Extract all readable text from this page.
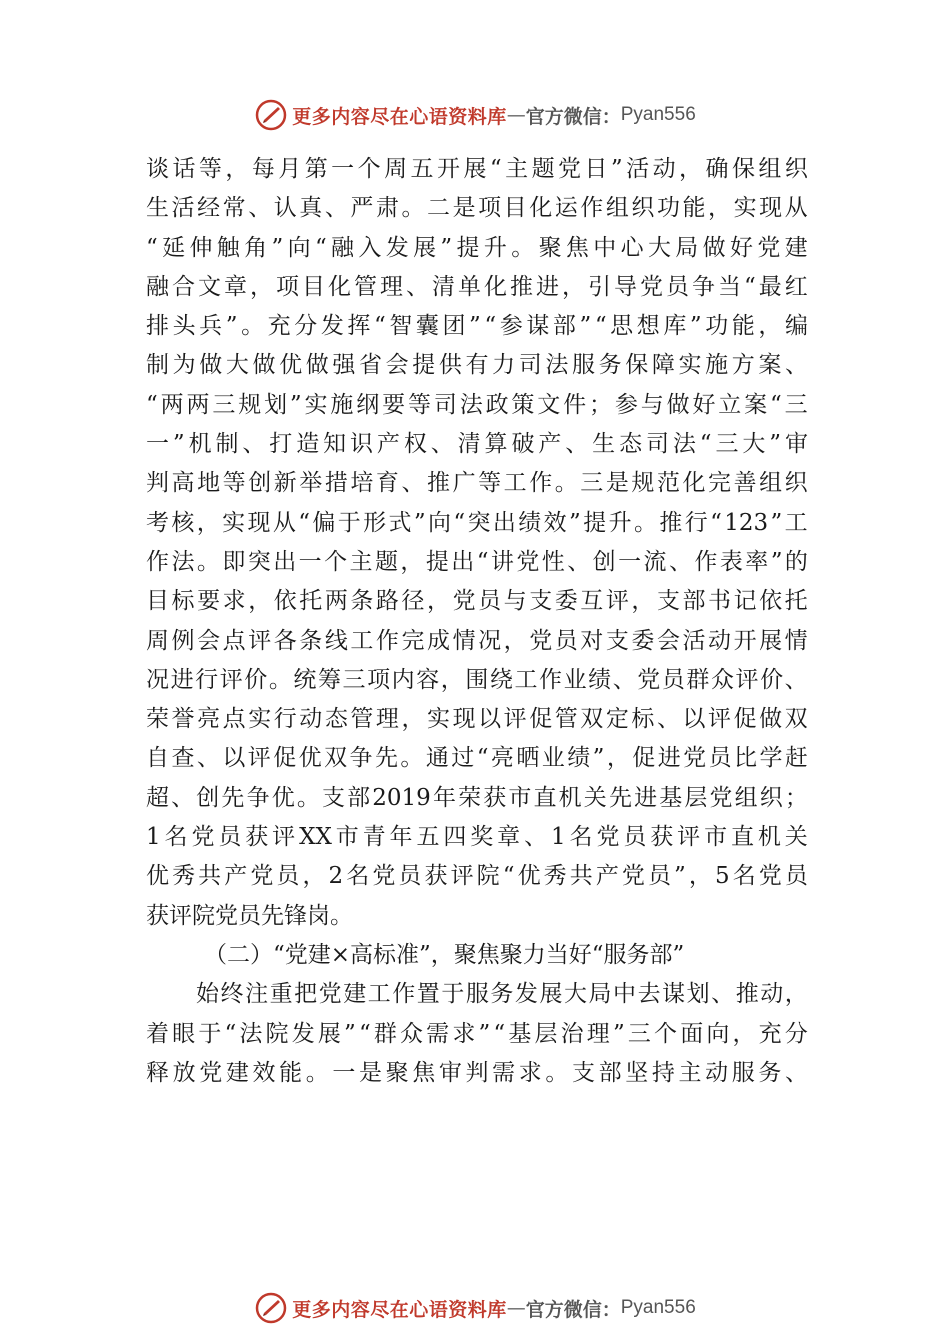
更多内容尽在心语资料库 — 官方微信： Pyan556
谈 话 等 ， 每 月 第 一 个 周 五 开 展 “ 主 题 党 日 ” 活 动 ， 确 保 组 织
生 活 经 常 、 认 真 、 严 肃 。 二 是 项 目 化 运 作 组 织 功 能 ， 实 现 从
“ 延 伸 触 角 ” 向 “ 融 入 发 展 ” 提 升 。 聚 焦 中 心 大 局 做 好 党 建
融 合 文 章 ， 项 目 化 管 理 、 清 单 化 推 进 ， 引 导 党 员 争 当 “ 最 红
排 头 兵 ” 。 充 分 发 挥 “ 智 囊 团 ” “ 参 谋 部 ” “ 思 想 库 ” 功 能 ， 编
制 为 做 大 做 优 做 强 省 会 提 供 有 力 司 法 服 务 保 障 实 施 方 案 、
“ 两 两 三 规 划 ” 实 施 纲 要 等 司 法 政 策 文 件 ； 参 与 做 好 立 案 “ 三
一 ” 机 制 、 打 造 知 识 产 权 、 清 算 破 产 、 生 态 司 法 “ 三 大 ” 审
判 高 地 等 创 新 举 措 培 育 、 推 广 等 工 作 。 三 是 规 范 化 完 善 组 织
考 核 ， 实 现 从 “ 偏 于 形 式 ” 向 “ 突 出 绩 效 ” 提 升 。 推 行 “ 123 ” 工
作 法 。 即 突 出 一 个 主 题 ， 提 出 “ 讲 党 性 、 创 一 流 、 作 表 率 ” 的
目 标 要 求 ， 依 托 两 条 路 径 ， 党 员 与 支 委 互 评 ， 支 部 书 记 依 托
周 例 会 点 评 各 条 线 工 作 完 成 情 况 ， 党 员 对 支 委 会 活 动 开 展 情
况 进 行 评 价 。 统 筹 三 项 内 容 ， 围 绕 工 作 业 绩 、 党 员 群 众 评 价 、
荣 誉 亮 点 实 行 动 态 管 理 ， 实 现 以 评 促 管 双 定 标 、 以 评 促 做 双
自 查 、 以 评 促 优 双 争 先 。 通 过 “ 亮 晒 业 绩 ” ， 促 进 党 员 比 学 赶
超 、 创 先 争 优 。 支 部 2019 年 荣 获 市 直 机 关 先 进 基 层 党 组 织 ；
1 名 党 员 获 评 XX 市 青 年 五 四 奖 章 、 1 名 党 员 获 评 市 直 机 关
优 秀 共 产 党 员 ， 2 名 党 员 获 评 院 “ 优 秀 共 产 党 员 ” ， 5 名 党 员
获评院党员先锋岗。
（二）“党建×高标准”，聚焦聚力当好“服务部”
始 终 注 重 把 党 建 工 作 置 于 服 务 发 展 大 局 中 去 谋 划 、 推 动 ，
着 眼 于 “ 法 院 发 展 ” “ 群 众 需 求 ” “ 基 层 治 理 ” 三 个 面 向 ， 充 分
释 放 党 建 效 能 。 一 是 聚 焦 审 判 需 求 。 支 部 坚 持 主 动 服 务 、
更多内容尽在心语资料库 — 官方微信： Pyan556
